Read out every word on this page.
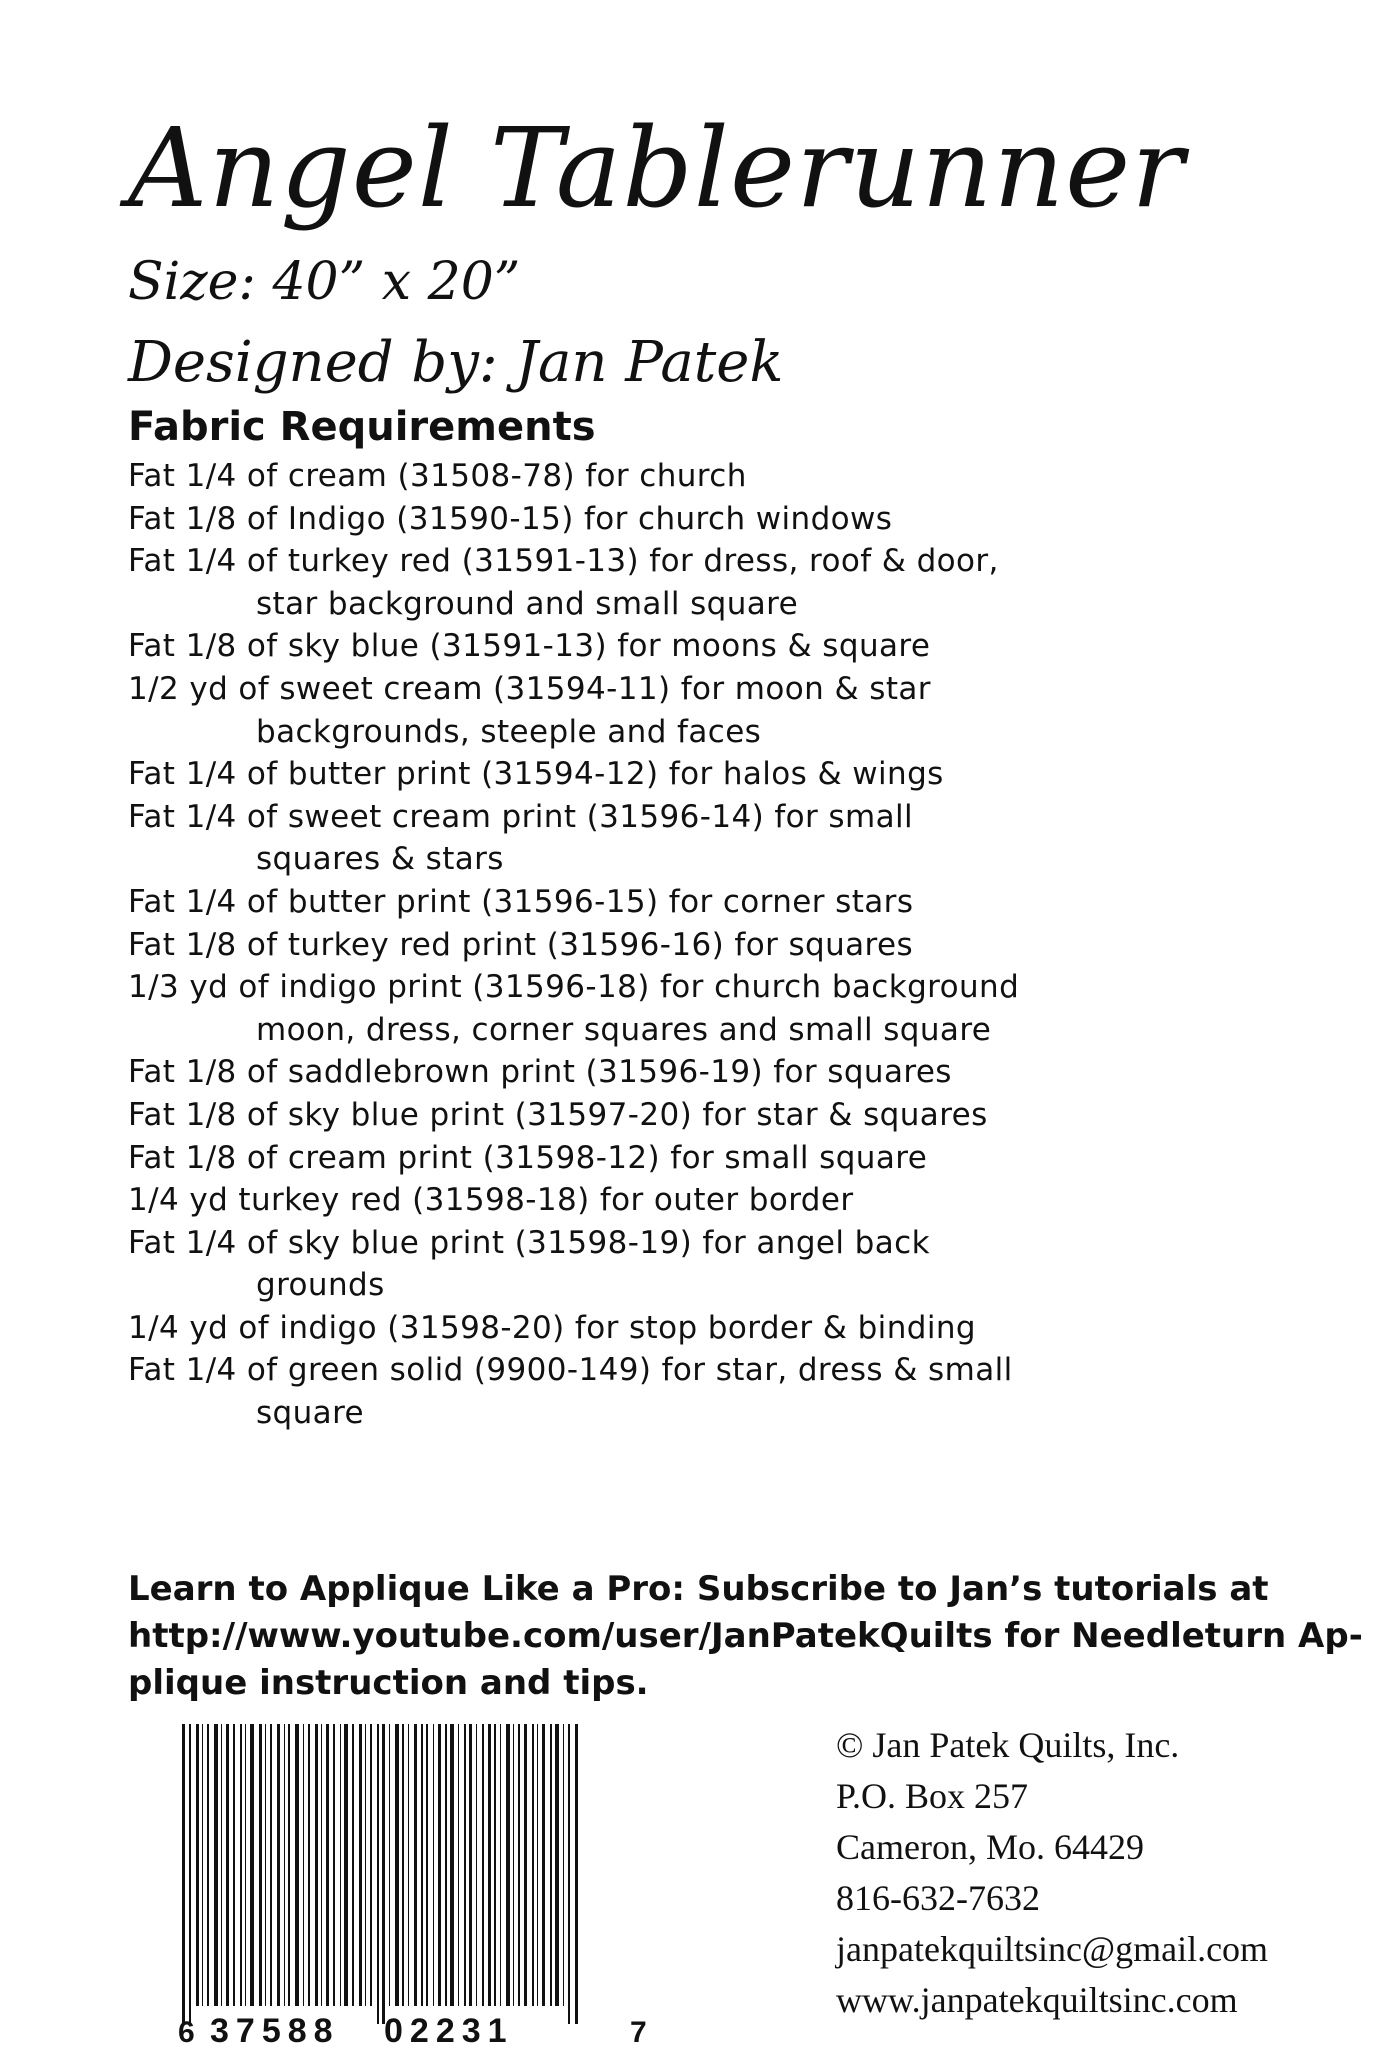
Angel Tablerunner
Size: 40” x 20”
Designed by: Jan Patek
Fabric Requirements
Fat 1/4 of cream (31508-78) for church
Fat 1/8 of Indigo (31590-15) for church windows
Fat 1/4 of turkey red (31591-13) for dress, roof & door,
star background and small square
Fat 1/8 of sky blue (31591-13) for moons & square
1/2 yd of sweet cream (31594-11) for moon & star
backgrounds, steeple and faces
Fat 1/4 of butter print (31594-12) for halos & wings
Fat 1/4 of sweet cream print (31596-14) for small
squares & stars
Fat 1/4 of butter print (31596-15) for corner stars
Fat 1/8 of turkey red print (31596-16) for squares
1/3 yd of indigo print (31596-18) for church background
moon, dress, corner squares and small square
Fat 1/8 of saddlebrown print (31596-19) for squares
Fat 1/8 of sky blue print (31597-20) for star & squares
Fat 1/8 of cream print (31598-12) for small square
1/4 yd turkey red (31598-18) for outer border
Fat 1/4 of sky blue print (31598-19) for angel back
grounds
1/4 yd of indigo (31598-20) for stop border & binding
Fat 1/4 of green solid (9900-149) for star, dress & small
square
Learn to Applique Like a Pro: Subscribe to Jan’s tutorials at
http://www.youtube.com/user/JanPatekQuilts for Needleturn Ap-
plique instruction and tips.
6 37588 02231	7
© Jan Patek Quilts, Inc.
P.O. Box 257
Cameron, Mo. 64429
816-632-7632
janpatekquiltsinc@gmail.com
www.janpatekquiltsinc.com
